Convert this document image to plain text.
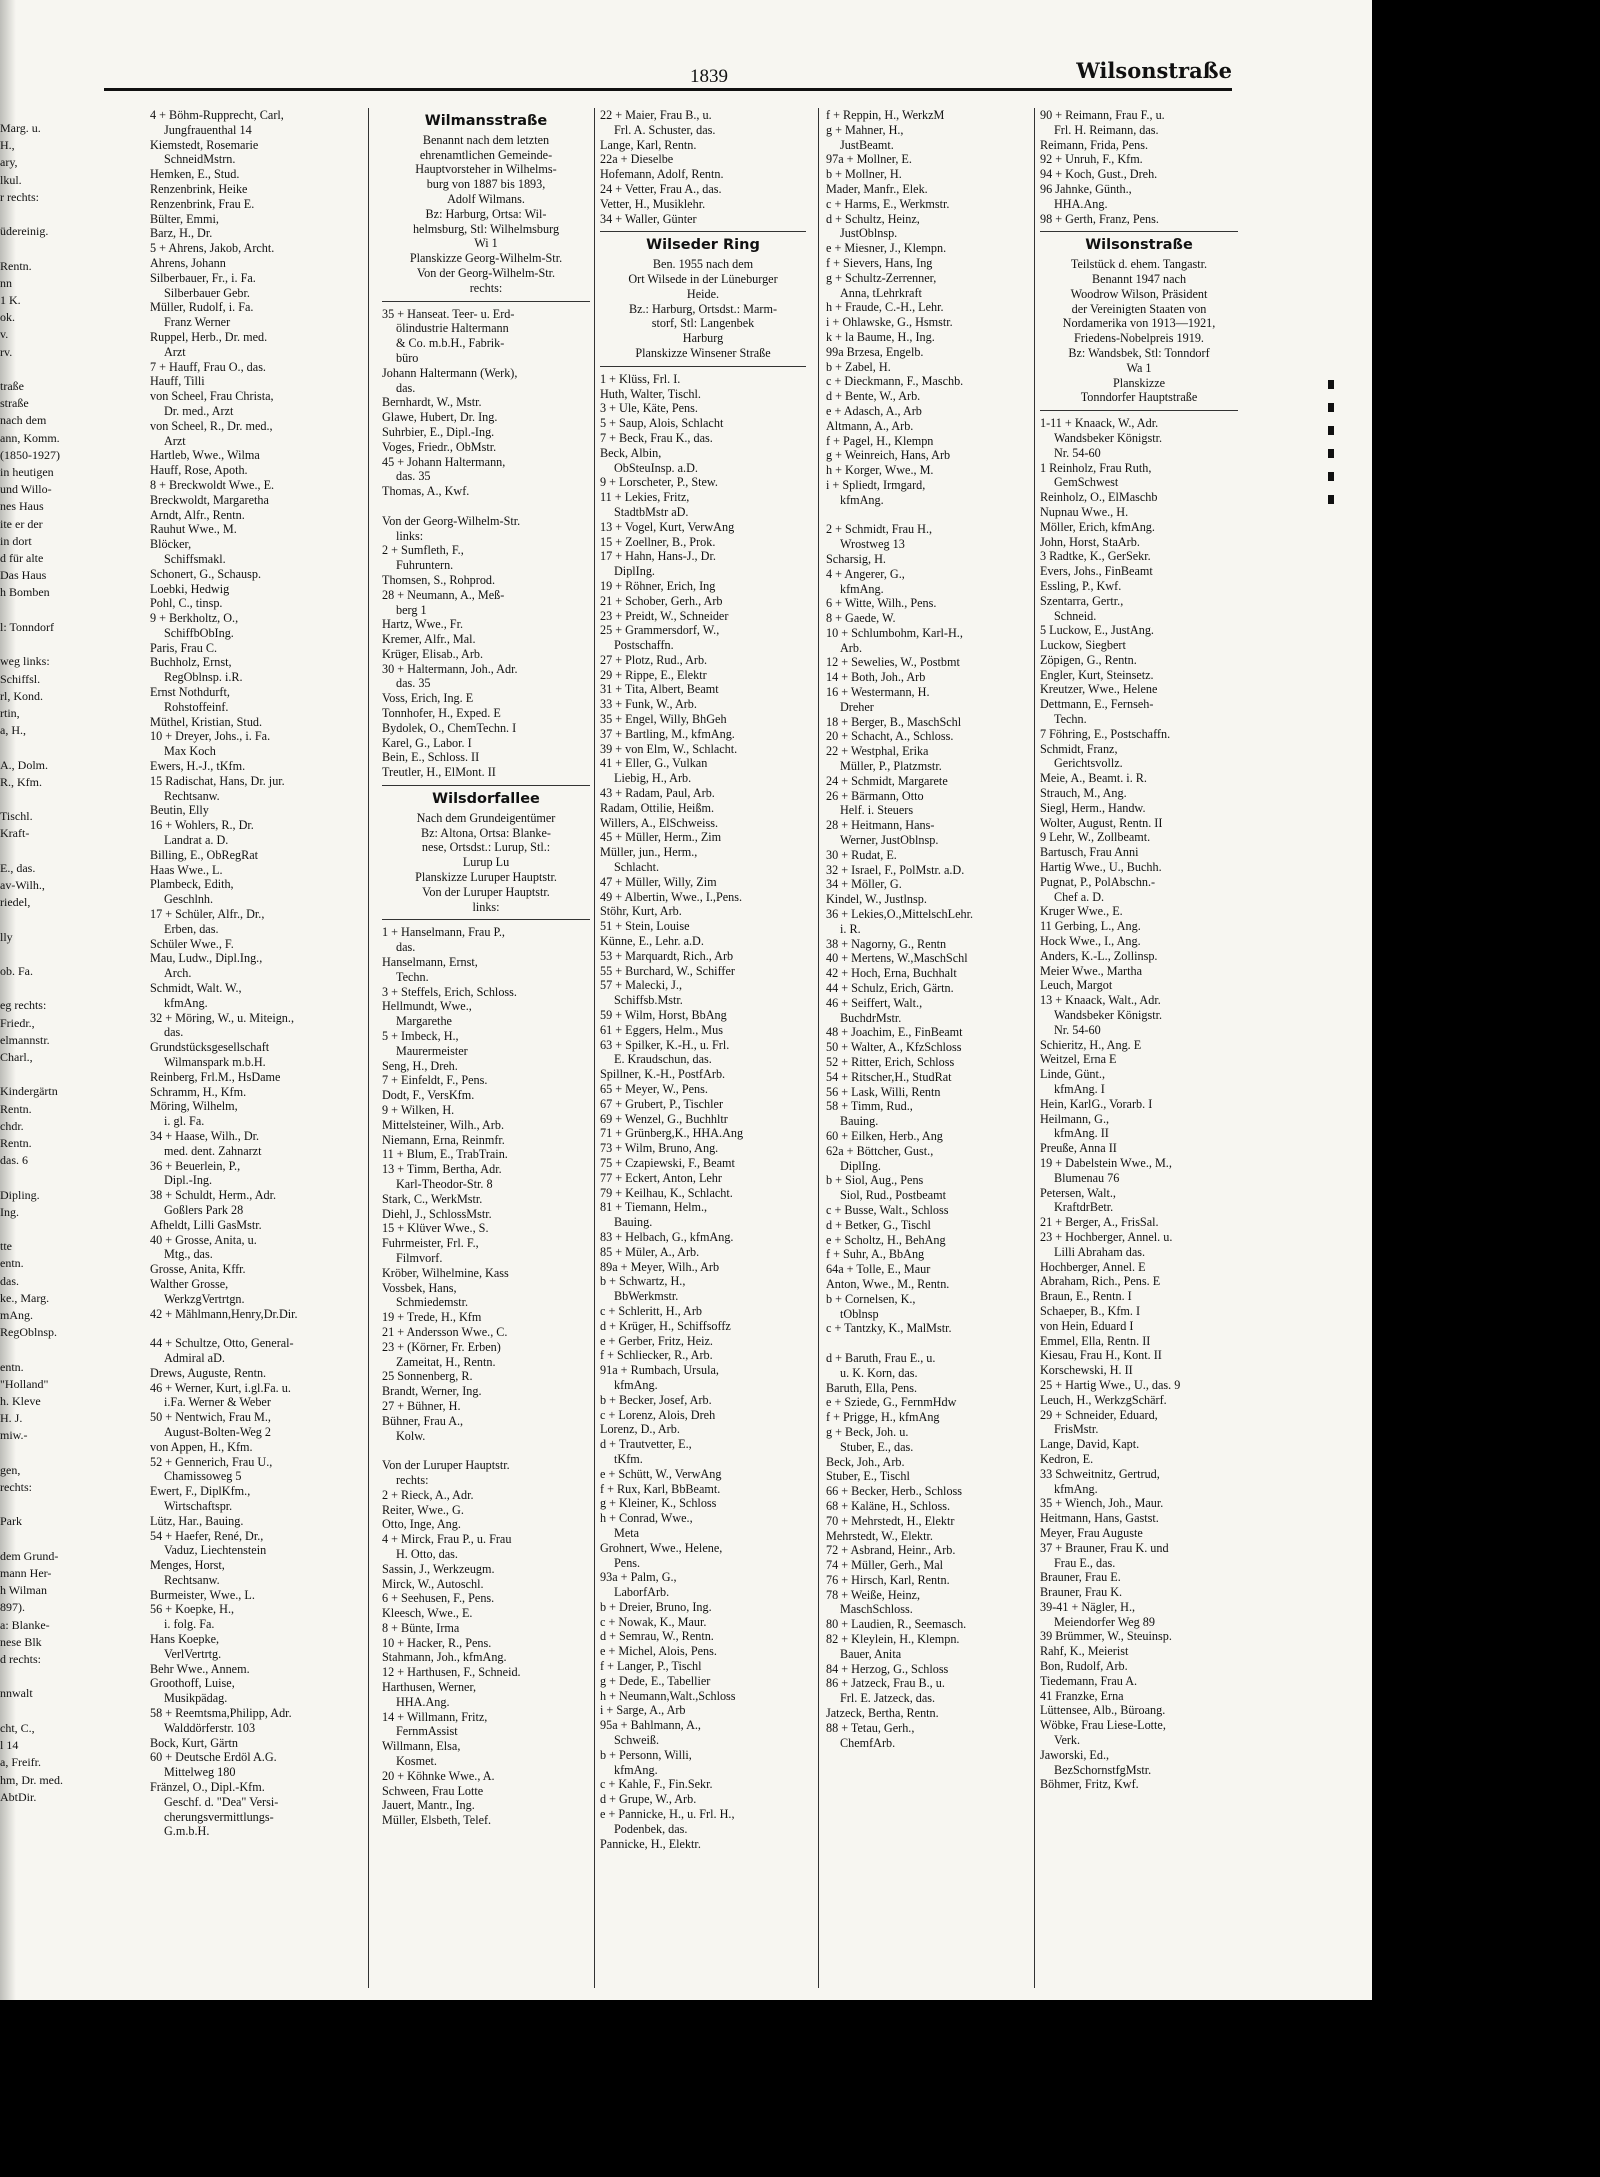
Marg. u.
H.,
ary,
lkul.
r rechts:

üdereinig.

Rentn.
nn
1 K.
ok.
v.
rv.

traße
straße
nach dem
ann, Komm.
(1850-1927)
in heutigen
und Willo-
nes Haus
ite er der
in dort
d für alte
Das Haus
h Bomben

l: Tonndorf

weg links:
Schiffsl.
rl, Kond.
rtin,
a, H.,

A., Dolm.
R., Kfm.

Tischl.
Kraft-

E., das.
av-Wilh.,
riedel,

lly

ob. Fa.

eg rechts:
Friedr.,
elmannstr.
Charl.,

Kindergärtn
Rentn.
chdr.
Rentn.
das. 6

Dipling.
Ing.

tte
entn.
das.
ke., Marg.
mAng.
RegOblnsp.

entn.
"Holland"
h. Kleve
H. J.
miw.-

gen,
rechts:

Park

dem Grund-
mann Her-
h Wilman
897).
a: Blanke-
nese Blk
d rechts:

nnwalt

cht, C.,
l 14
a, Freifr.
hm, Dr. med.
AbtDir.
1839	Wilsonstraße
4 + Böhm-Rupprecht, Carl,
Jungfrauenthal 14
Kiemstedt, Rosemarie
SchneidMstrn.
Hemken, E., Stud.
Renzenbrink, Heike
Renzenbrink, Frau E.
Bülter, Emmi,
Barz, H., Dr.
5 + Ahrens, Jakob, Archt.
Ahrens, Johann
Silberbauer, Fr., i. Fa.
Silberbauer Gebr.
Müller, Rudolf, i. Fa.
Franz Werner
Ruppel, Herb., Dr. med.
Arzt
7 + Hauff, Frau O., das.
Hauff, Tilli
von Scheel, Frau Christa,
Dr. med., Arzt
von Scheel, R., Dr. med.,
Arzt
Hartleb, Wwe., Wilma
Hauff, Rose, Apoth.
8 + Breckwoldt Wwe., E.
Breckwoldt, Margaretha
Arndt, Alfr., Rentn.
Rauhut Wwe., M.
Blöcker,
Schiffsmakl.
Schonert, G., Schausp.
Loebki, Hedwig
Pohl, C., tinsp.
9 + Berkholtz, O.,
SchiffbObIng.
Paris, Frau C.
Buchholz, Ernst,
RegOblnsp. i.R.
Ernst Nothdurft,
Rohstoffeinf.
Müthel, Kristian, Stud.
10 + Dreyer, Johs., i. Fa.
Max Koch
Ewers, H.-J., tKfm.
15 Radischat, Hans, Dr. jur.
Rechtsanw.
Beutin, Elly
16 + Wohlers, R., Dr.
Landrat a. D.
Billing, E., ObRegRat
Haas Wwe., L.
Plambeck, Edith,
Geschlnh.
17 + Schüler, Alfr., Dr.,
Erben, das.
Schüler Wwe., F.
Mau, Ludw., Dipl.Ing.,
Arch.
Schmidt, Walt. W.,
kfmAng.
32 + Möring, W., u. Miteign.,
das.
Grundstücksgesellschaft
Wilmanspark m.b.H.
Reinberg, Frl.M., HsDame
Schramm, H., Kfm.
Möring, Wilhelm,
i. gl. Fa.
34 + Haase, Wilh., Dr.
med. dent. Zahnarzt
36 + Beuerlein, P.,
Dipl.-Ing.
38 + Schuldt, Herm., Adr.
Goßlers Park 28
Afheldt, Lilli GasMstr.
40 + Grosse, Anita, u.
Mtg., das.
Grosse, Anita, Kffr.
Walther Grosse,
WerkzgVertrtgn.
42 + Mählmann,Henry,Dr.Dir.

44 + Schultze, Otto, General-
Admiral aD.
Drews, Auguste, Rentn.
46 + Werner, Kurt, i.gl.Fa. u.
i.Fa. Werner & Weber
50 + Nentwich, Frau M.,
August-Bolten-Weg 2
von Appen, H., Kfm.
52 + Gennerich, Frau U.,
Chamissoweg 5
Ewert, F., DiplKfm.,
Wirtschaftspr.
Lütz, Har., Bauing.
54 + Haefer, René, Dr.,
Vaduz, Liechtenstein
Menges, Horst,
Rechtsanw.
Burmeister, Wwe., L.
56 + Koepke, H.,
i. folg. Fa.
Hans Koepke,
VerlVertrtg.
Behr Wwe., Annem.
Groothoff, Luise,
Musikpädag.
58 + Reemtsma,Philipp, Adr.
Walddörferstr. 103
Bock, Kurt, Gärtn
60 + Deutsche Erdöl A.G.
Mittelweg 180
Fränzel, O., Dipl.-Kfm.
Geschf. d. "Dea" Versi-
cherungsvermittlungs-
G.m.b.H.
Wilmansstraße
Benannt nach dem letzten
ehrenamtlichen Gemeinde-
Hauptvorsteher in Wilhelms-
burg von 1887 bis 1893,
Adolf Wilmans.
Bz: Harburg, Ortsa: Wil-
helmsburg, Stl: Wilhelmsburg
Wi 1
Planskizze Georg-Wilhelm-Str.
Von der Georg-Wilhelm-Str.
rechts:
35 + Hanseat. Teer- u. Erd-
ölindustrie Haltermann
& Co. m.b.H., Fabrik-
büro
Johann Haltermann (Werk),
das.
Bernhardt, W., Mstr.
Glawe, Hubert, Dr. Ing.
Suhrbier, E., Dipl.-Ing.
Voges, Friedr., ObMstr.
45 + Johann Haltermann,
das. 35
Thomas, A., Kwf.

Von der Georg-Wilhelm-Str.
links:
2 + Sumfleth, F.,
Fuhruntern.
Thomsen, S., Rohprod.
28 + Neumann, A., Meß-
berg 1
Hartz, Wwe., Fr.
Kremer, Alfr., Mal.
Krüger, Elisab., Arb.
30 + Haltermann, Joh., Adr.
das. 35
Voss, Erich, Ing. E
Tonnhofer, H., Exped. E
Bydolek, O., ChemTechn. I
Karel, G., Labor. I
Bein, E., Schloss. II
Treutler, H., ElMont. II
Wilsdorfallee
Nach dem Grundeigentümer
Bz: Altona, Ortsa: Blanke-
nese, Ortsdst.: Lurup, Stl.:
Lurup Lu
Planskizze Luruper Hauptstr.
Von der Luruper Hauptstr.
links:
1 + Hanselmann, Frau P.,
das.
Hanselmann, Ernst,
Techn.
3 + Steffels, Erich, Schloss.
Hellmundt, Wwe.,
Margarethe
5 + Imbeck, H.,
Maurermeister
Seng, H., Dreh.
7 + Einfeldt, F., Pens.
Dodt, F., VersKfm.
9 + Wilken, H.
Mittelsteiner, Wilh., Arb.
Niemann, Erna, Reinmfr.
11 + Blum, E., TrabTrain.
13 + Timm, Bertha, Adr.
Karl-Theodor-Str. 8
Stark, C., WerkMstr.
Diehl, J., SchlossMstr.
15 + Klüver Wwe., S.
Fuhrmeister, Frl. F.,
Filmvorf.
Kröber, Wilhelmine, Kass
Vossbek, Hans,
Schmiedemstr.
19 + Trede, H., Kfm
21 + Andersson Wwe., C.
23 + (Körner, Fr. Erben)
Zameitat, H., Rentn.
25 Sonnenberg, R.
Brandt, Werner, Ing.
27 + Bühner, H.
Bühner, Frau A.,
Kolw.

Von der Luruper Hauptstr.
rechts:
2 + Rieck, A., Adr.
Reiter, Wwe., G.
Otto, Inge, Ang.
4 + Mirck, Frau P., u. Frau
H. Otto, das.
Sassin, J., Werkzeugm.
Mirck, W., Autoschl.
6 + Seehusen, F., Pens.
Kleesch, Wwe., E.
8 + Bünte, Irma
10 + Hacker, R., Pens.
Stahmann, Joh., kfmAng.
12 + Harthusen, F., Schneid.
Harthusen, Werner,
HHA.Ang.
14 + Willmann, Fritz,
FernmAssist
Willmann, Elsa,
Kosmet.
20 + Köhnke Wwe., A.
Schween, Frau Lotte
Jauert, Mantr., Ing.
Müller, Elsbeth, Telef.
22 + Maier, Frau B., u.
Frl. A. Schuster, das.
Lange, Karl, Rentn.
22a + Dieselbe
Hofemann, Adolf, Rentn.
24 + Vetter, Frau A., das.
Vetter, H., Musiklehr.
34 + Waller, Günter
Wilseder Ring
Ben. 1955 nach dem
Ort Wilsede in der Lüneburger
Heide.
Bz.: Harburg, Ortsdst.: Marm-
storf, Stl: Langenbek
Harburg
Planskizze Winsener Straße
1 + Klüss, Frl. I.
Huth, Walter, Tischl.
3 + Ule, Käte, Pens.
5 + Saup, Alois, Schlacht
7 + Beck, Frau K., das.
Beck, Albin,
ObSteuInsp. a.D.
9 + Lorscheter, P., Stew.
11 + Lekies, Fritz,
StadtbMstr aD.
13 + Vogel, Kurt, VerwAng
15 + Zoellner, B., Prok.
17 + Hahn, Hans-J., Dr.
DiplIng.
19 + Röhner, Erich, Ing
21 + Schober, Gerh., Arb
23 + Preidt, W., Schneider
25 + Grammersdorf, W.,
Postschaffn.
27 + Plotz, Rud., Arb.
29 + Rippe, E., Elektr
31 + Tita, Albert, Beamt
33 + Funk, W., Arb.
35 + Engel, Willy, BhGeh
37 + Bartling, M., kfmAng.
39 + von Elm, W., Schlacht.
41 + Eller, G., Vulkan
Liebig, H., Arb.
43 + Radam, Paul, Arb.
Radam, Ottilie, Heißm.
Willers, A., ElSchweiss.
45 + Müller, Herm., Zim
Müller, jun., Herm.,
Schlacht.
47 + Müller, Willy, Zim
49 + Albertin, Wwe., I.,Pens.
Stöhr, Kurt, Arb.
51 + Stein, Louise
Künne, E., Lehr. a.D.
53 + Marquardt, Rich., Arb
55 + Burchard, W., Schiffer
57 + Malecki, J.,
Schiffsb.Mstr.
59 + Wilm, Horst, BbAng
61 + Eggers, Helm., Mus
63 + Spilker, K.-H., u. Frl.
E. Kraudschun, das.
Spillner, K.-H., PostfArb.
65 + Meyer, W., Pens.
67 + Grubert, P., Tischler
69 + Wenzel, G., Buchhltr
71 + Grünberg,K., HHA.Ang
73 + Wilm, Bruno, Ang.
75 + Czapiewski, F., Beamt
77 + Eckert, Anton, Lehr
79 + Keilhau, K., Schlacht.
81 + Tiemann, Helm.,
Bauing.
83 + Helbach, G., kfmAng.
85 + Müler, A., Arb.
89a + Meyer, Wilh., Arb
b + Schwartz, H.,
BbWerkmstr.
c + Schleritt, H., Arb
d + Krüger, H., Schiffsoffz
e + Gerber, Fritz, Heiz.
f + Schliecker, R., Arb.
91a + Rumbach, Ursula,
kfmAng.
b + Becker, Josef, Arb.
c + Lorenz, Alois, Dreh
Lorenz, D., Arb.
d + Trautvetter, E.,
tKfm.
e + Schütt, W., VerwAng
f + Rux, Karl, BbBeamt.
g + Kleiner, K., Schloss
h + Conrad, Wwe.,
Meta
Grohnert, Wwe., Helene,
Pens.
93a + Palm, G.,
LaborfArb.
b + Dreier, Bruno, Ing.
c + Nowak, K., Maur.
d + Semrau, W., Rentn.
e + Michel, Alois, Pens.
f + Langer, P., Tischl
g + Dede, E., Tabellier
h + Neumann,Walt.,Schloss
i + Sarge, A., Arb
95a + Bahlmann, A.,
Schweiß.
b + Personn, Willi,
kfmAng.
c + Kahle, F., Fin.Sekr.
d + Grupe, W., Arb.
e + Pannicke, H., u. Frl. H.,
Podenbek, das.
Pannicke, H., Elektr.
f + Reppin, H., WerkzM
g + Mahner, H.,
JustBeamt.
97a + Mollner, E.
b + Mollner, H.
Mader, Manfr., Elek.
c + Harms, E., Werkmstr.
d + Schultz, Heinz,
JustOblnsp.
e + Miesner, J., Klempn.
f + Sievers, Hans, Ing
g + Schultz-Zerrenner,
Anna, tLehrkraft
h + Fraude, C.-H., Lehr.
i + Ohlawske, G., Hsmstr.
k + la Baume, H., Ing.
99a Brzesa, Engelb.
b + Zabel, H.
c + Dieckmann, F., Maschb.
d + Bente, W., Arb.
e + Adasch, A., Arb
Altmann, A., Arb.
f + Pagel, H., Klempn
g + Weinreich, Hans, Arb
h + Korger, Wwe., M.
i + Spliedt, Irmgard,
kfmAng.

2 + Schmidt, Frau H.,
Wrostweg 13
Scharsig, H.
4 + Angerer, G.,
kfmAng.
6 + Witte, Wilh., Pens.
8 + Gaede, W.
10 + Schlumbohm, Karl-H.,
Arb.
12 + Sewelies, W., Postbmt
14 + Both, Joh., Arb
16 + Westermann, H.
Dreher
18 + Berger, B., MaschSchl
20 + Schacht, A., Schloss.
22 + Westphal, Erika
Müller, P., Platzmstr.
24 + Schmidt, Margarete
26 + Bärmann, Otto
Helf. i. Steuers
28 + Heitmann, Hans-
Werner, JustOblnsp.
30 + Rudat, E.
32 + Israel, F., PolMstr. a.D.
34 + Möller, G.
Kindel, W., Justlnsp.
36 + Lekies,O.,MittelschLehr.
i. R.
38 + Nagorny, G., Rentn
40 + Mertens, W.,MaschSchl
42 + Hoch, Erna, Buchhalt
44 + Schulz, Erich, Gärtn.
46 + Seiffert, Walt.,
BuchdrMstr.
48 + Joachim, E., FinBeamt
50 + Walter, A., KfzSchloss
52 + Ritter, Erich, Schloss
54 + Ritscher,H., StudRat
56 + Lask, Willi, Rentn
58 + Timm, Rud.,
Bauing.
60 + Eilken, Herb., Ang
62a + Böttcher, Gust.,
DiplIng.
b + Siol, Aug., Pens
Siol, Rud., Postbeamt
c + Busse, Walt., Schloss
d + Betker, G., Tischl
e + Scholtz, H., BehAng
f + Suhr, A., BbAng
64a + Tolle, E., Maur
Anton, Wwe., M., Rentn.
b + Cornelsen, K.,
tOblnsp
c + Tantzky, K., MalMstr.

d + Baruth, Frau E., u.
u. K. Korn, das.
Baruth, Ella, Pens.
e + Sziede, G., FernmHdw
f + Prigge, H., kfmAng
g + Beck, Joh. u.
Stuber, E., das.
Beck, Joh., Arb.
Stuber, E., Tischl
66 + Becker, Herb., Schloss
68 + Kaläne, H., Schloss.
70 + Mehrstedt, H., Elektr
Mehrstedt, W., Elektr.
72 + Asbrand, Heinr., Arb.
74 + Müller, Gerh., Mal
76 + Hirsch, Karl, Rentn.
78 + Weiße, Heinz,
MaschSchloss.
80 + Laudien, R., Seemasch.
82 + Kleylein, H., Klempn.
Bauer, Anita
84 + Herzog, G., Schloss
86 + Jatzeck, Frau B., u.
Frl. E. Jatzeck, das.
Jatzeck, Bertha, Rentn.
88 + Tetau, Gerh.,
ChemfArb.
90 + Reimann, Frau F., u.
Frl. H. Reimann, das.
Reimann, Frida, Pens.
92 + Unruh, F., Kfm.
94 + Koch, Gust., Dreh.
96 Jahnke, Günth.,
HHA.Ang.
98 + Gerth, Franz, Pens.
Wilsonstraße
Teilstück d. ehem. Tangastr.
Benannt 1947 nach
Woodrow Wilson, Präsident
der Vereinigten Staaten von
Nordamerika von 1913—1921,
Friedens-Nobelpreis 1919.
Bz: Wandsbek, Stl: Tonndorf
Wa 1
Planskizze
Tonndorfer Hauptstraße
1-11 + Knaack, W., Adr.
Wandsbeker Königstr.
Nr. 54-60
1 Reinholz, Frau Ruth,
GemSchwest
Reinholz, O., ElMaschb
Nupnau Wwe., H.
Möller, Erich, kfmAng.
John, Horst, StaArb.
3 Radtke, K., GerSekr.
Evers, Johs., FinBeamt
Essling, P., Kwf.
Szentarra, Gertr.,
Schneid.
5 Luckow, E., JustAng.
Luckow, Siegbert
Zöpigen, G., Rentn.
Engler, Kurt, Steinsetz.
Kreutzer, Wwe., Helene
Dettmann, E., Fernseh-
Techn.
7 Föhring, E., Postschaffn.
Schmidt, Franz,
Gerichtsvollz.
Meie, A., Beamt. i. R.
Strauch, M., Ang.
Siegl, Herm., Handw.
Wolter, August, Rentn. II
9 Lehr, W., Zollbeamt.
Bartusch, Frau Anni
Hartig Wwe., U., Buchh.
Pugnat, P., PolAbschn.-
Chef a. D.
Kruger Wwe., E.
11 Gerbing, L., Ang.
Hock Wwe., I., Ang.
Anders, K.-L., Zollinsp.
Meier Wwe., Martha
Leuch, Margot
13 + Knaack, Walt., Adr.
Wandsbeker Königstr.
Nr. 54-60
Schieritz, H., Ang. E
Weitzel, Erna E
Linde, Günt.,
kfmAng. I
Hein, KarlG., Vorarb. I
Heilmann, G.,
kfmAng. II
Preuße, Anna II
19 + Dabelstein Wwe., M.,
Blumenau 76
Petersen, Walt.,
KraftdrBetr.
21 + Berger, A., FrisSal.
23 + Hochberger, Annel. u.
Lilli Abraham das.
Hochberger, Annel. E
Abraham, Rich., Pens. E
Braun, E., Rentn. I
Schaeper, B., Kfm. I
von Hein, Eduard I
Emmel, Ella, Rentn. II
Kiesau, Frau H., Kont. II
Korschewski, H. II
25 + Hartig Wwe., U., das. 9
Leuch, H., WerkzgSchärf.
29 + Schneider, Eduard,
FrisMstr.
Lange, David, Kapt.
Kedron, E.
33 Schweitnitz, Gertrud,
kfmAng.
35 + Wiench, Joh., Maur.
Heitmann, Hans, Gastst.
Meyer, Frau Auguste
37 + Brauner, Frau K. und
Frau E., das.
Brauner, Frau E.
Brauner, Frau K.
39-41 + Nägler, H.,
Meiendorfer Weg 89
39 Brümmer, W., Steuinsp.
Rahf, K., Meierist
Bon, Rudolf, Arb.
Tiedemann, Frau A.
41 Franzke, Erna
Lüttensee, Alb., Büroang.
Wöbke, Frau Liese-Lotte,
Verk.
Jaworski, Ed.,
BezSchornstfgMstr.
Böhmer, Fritz, Kwf.
